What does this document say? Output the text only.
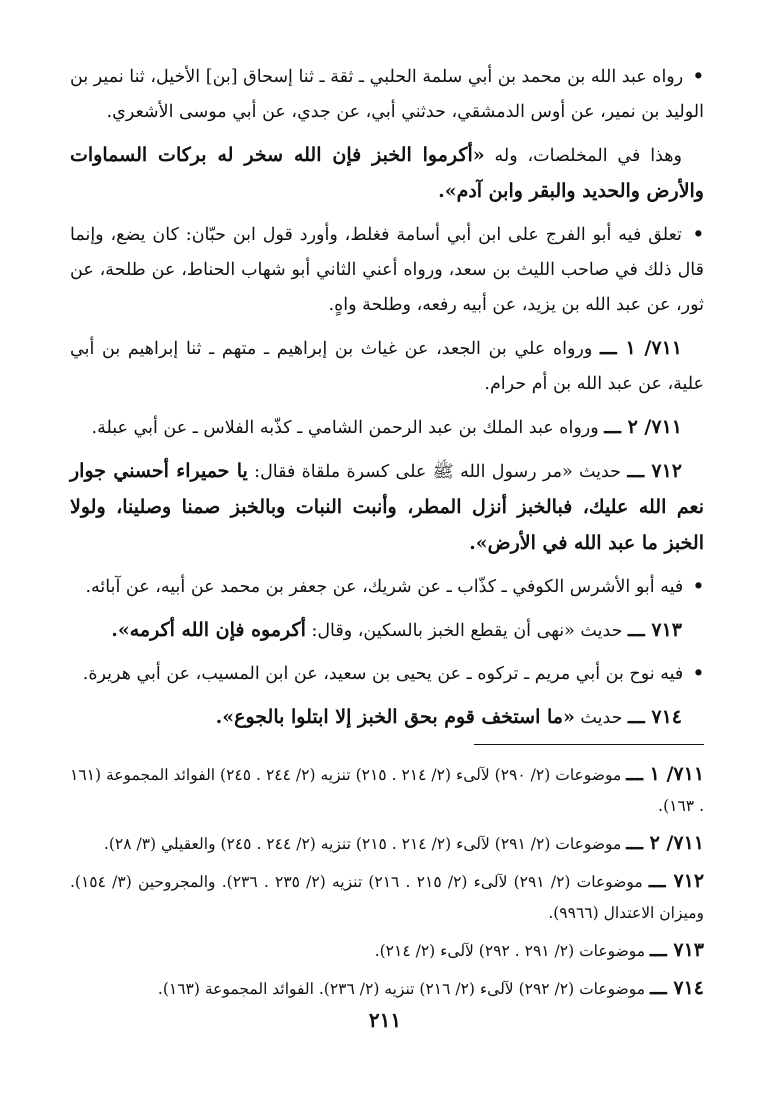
• رواه عبد الله بن محمد بن أبي سلمة الحلبي ـ ثقة ـ ثنا إسحاق [بن] الأخيل، ثنا نمير بن الوليد بن نمير، عن أوس الدمشقي، حدثني أبي، عن جدي، عن أبي موسى الأشعري.
وهذا في المخلصات، وله «أكرموا الخبز فإن الله سخر له بركات السماوات والأرض والحديد والبقر وابن آدم».
• تعلق فيه أبو الفرج على ابن أبي أسامة فغلط، وأورد قول ابن حبّان: كان يضع، وإنما قال ذلك في صاحب الليث بن سعد، ورواه أعني الثاني أبو شهاب الحناط، عن طلحة، عن ثور، عن عبد الله بن يزيد، عن أبيه رفعه، وطلحة واهٍ.
٧١١/ ١ ـــ ورواه علي بن الجعد، عن غياث بن إبراهيم ـ متهم ـ ثنا إبراهيم بن أبي علية، عن عبد الله بن أم حرام.
٧١١/ ٢ ـــ ورواه عبد الملك بن عبد الرحمن الشامي ـ كذّبه الفلاس ـ عن أبي عبلة.
٧١٢ ـــ حديث «مر رسول الله ﷺ على كسرة ملقاة فقال: يا حميراء أحسني جوار نعم الله عليك، فبالخبز أنزل المطر، وأنبت النبات وبالخبز صمنا وصلينا، ولولا الخبز ما عبد الله في الأرض».
• فيه أبو الأشرس الكوفي ـ كذّاب ـ عن شريك، عن جعفر بن محمد عن أبيه، عن آبائه.
٧١٣ ـــ حديث «نهى أن يقطع الخبز بالسكين، وقال: أكرموه فإن الله أكرمه».
• فيه نوح بن أبي مريم ـ تركوه ـ عن يحيى بن سعيد، عن ابن المسيب، عن أبي هريرة.
٧١٤ ـــ حديث «ما استخف قوم بحق الخبز إلا ابتلوا بالجوع».
٧١١/ ١ ـــ موضوعات (٢/ ٢٩٠) لآلىء (٢/ ٢١٤ . ٢١٥) تنزيه (٢/ ٢٤٤ . ٢٤٥) الفوائد المجموعة (١٦١ . ١٦٣).
٧١١/ ٢ ـــ موضوعات (٢/ ٢٩١) لآلىء (٢/ ٢١٤ . ٢١٥) تنزيه (٢/ ٢٤٤ . ٢٤٥) والعقيلي (٣/ ٢٨).
٧١٢ ـــ موضوعات (٢/ ٢٩١) لآلىء (٢/ ٢١٥ . ٢١٦) تنزيه (٢/ ٢٣٥ . ٢٣٦). والمجروحين (٣/ ١٥٤). وميزان الاعتدال (٩٩٦٦).
٧١٣ ـــ موضوعات (٢/ ٢٩١ . ٢٩٢) لآلىء (٢/ ٢١٤).
٧١٤ ـــ موضوعات (٢/ ٢٩٢) لآلىء (٢/ ٢١٦) تنزيه (٢/ ٢٣٦). الفوائد المجموعة (١٦٣).
٢١١
